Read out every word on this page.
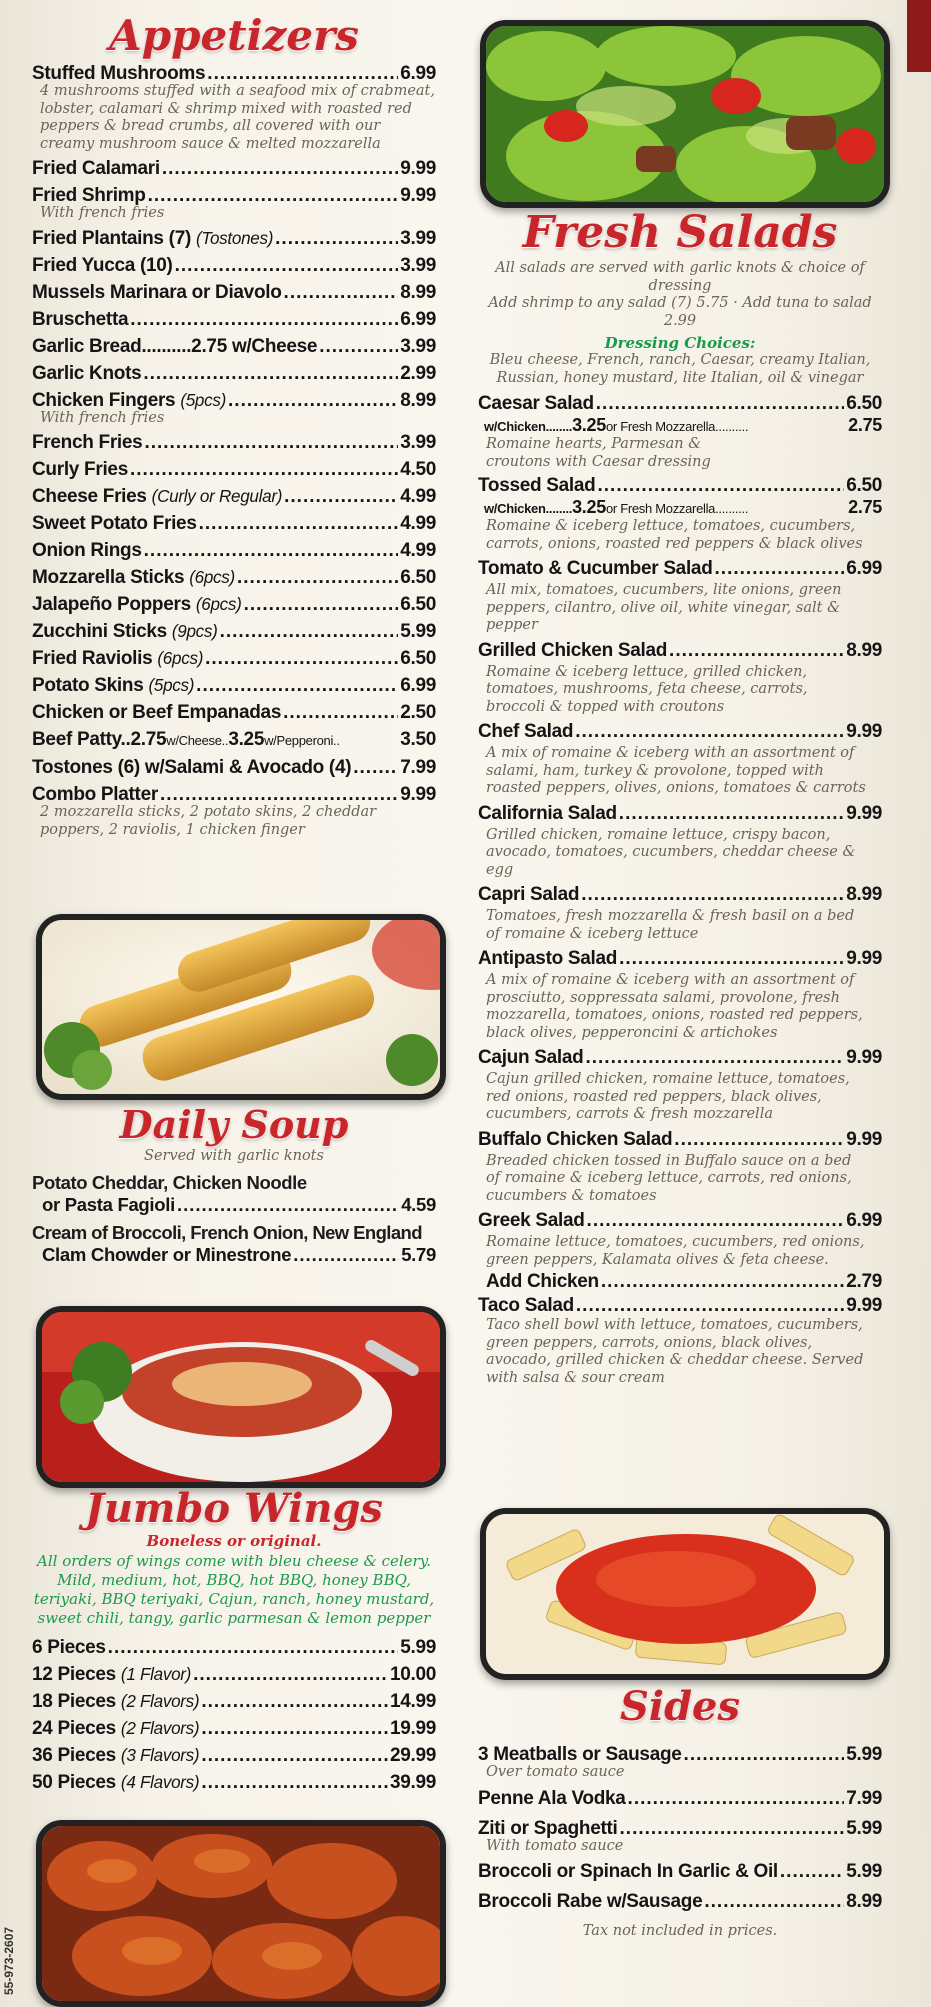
55-973-2607
Appetizers
Stuffed Mushrooms .....	6.99
4 mushrooms stuffed with a seafood mix of crabmeat, lobster, calamari & shrimp mixed with roasted red peppers & bread crumbs, all covered with our creamy mushroom sauce & melted mozzarella
Fried Calamari .....	9.99
Fried Shrimp .....	9.99
With french fries
Fried Plantains (7) (Tostones) .....	3.99
Fried Yucca (10) .....	3.99
Mussels Marinara or Diavolo .....	8.99
Bruschetta .....	6.99
Garlic Bread..........2.75 w/Cheese .....	3.99
Garlic Knots .....	2.99
Chicken Fingers (5pcs) .....	8.99
With french fries
French Fries .....	3.99
Curly Fries .....	4.50
Cheese Fries (Curly or Regular) .....	4.99
Sweet Potato Fries .....	4.99
Onion Rings .....	4.99
Mozzarella Sticks (6pcs) .....	6.50
Jalapeño Poppers (6pcs) .....	6.50
Zucchini Sticks (9pcs) .....	5.99
Fried Raviolis (6pcs) .....	6.50
Potato Skins (5pcs) .....	6.99
Chicken or Beef Empanadas .....	2.50
Beef Patty.. 2.75 w/Cheese.. 3.25 w/Pepperoni..	3.50
Tostones (6) w/Salami & Avocado (4) .....	7.99
Combo Platter .....	9.99
2 mozzarella sticks, 2 potato skins, 2 cheddar poppers, 2 raviolis, 1 chicken finger
Daily Soup
Served with garlic knots
Potato Cheddar, Chicken Noodle
or Pasta Fagioli .....	4.59
Cream of Broccoli, French Onion, New England
Clam Chowder or Minestrone .....	5.79
Jumbo Wings
Boneless or original.
All orders of wings come with bleu cheese & celery. Mild, medium, hot, BBQ, hot BBQ, honey BBQ, teriyaki, BBQ teriyaki, Cajun, ranch, honey mustard, sweet chili, tangy, garlic parmesan & lemon pepper
6 Pieces .....	5.99
12 Pieces (1 Flavor) .....	10.00
18 Pieces (2 Flavors) .....	14.99
24 Pieces (2 Flavors) .....	19.99
36 Pieces (3 Flavors) .....	29.99
50 Pieces (4 Flavors) .....	39.99
Fresh Salads
All salads are served with garlic knots & choice of dressing
Add shrimp to any salad (7) 5.75 · Add tuna to salad 2.99
Dressing Choices:
Bleu cheese, French, ranch, Caesar, creamy Italian, Russian, honey mustard, lite Italian, oil & vinegar
Caesar Salad .....	6.50
w/Chicken........ 3.25 or Fresh Mozzarella..........	2.75
Romaine hearts, Parmesan & croutons with Caesar dressing
Tossed Salad .....	6.50
w/Chicken........ 3.25 or Fresh Mozzarella..........	2.75
Romaine & iceberg lettuce, tomatoes, cucumbers, carrots, onions, roasted red peppers & black olives
Tomato & Cucumber Salad .....	6.99
All mix, tomatoes, cucumbers, lite onions, green peppers, cilantro, olive oil, white vinegar, salt & pepper
Grilled Chicken Salad .....	8.99
Romaine & iceberg lettuce, grilled chicken, tomatoes, mushrooms, feta cheese, carrots, broccoli & topped with croutons
Chef Salad .....	9.99
A mix of romaine & iceberg with an assortment of salami, ham, turkey & provolone, topped with roasted peppers, olives, onions, tomatoes & carrots
California Salad .....	9.99
Grilled chicken, romaine lettuce, crispy bacon, avocado, tomatoes, cucumbers, cheddar cheese & egg
Capri Salad .....	8.99
Tomatoes, fresh mozzarella & fresh basil on a bed of romaine & iceberg lettuce
Antipasto Salad .....	9.99
A mix of romaine & iceberg with an assortment of prosciutto, soppressata salami, provolone, fresh mozzarella, tomatoes, onions, roasted red peppers, black olives, pepperoncini & artichokes
Cajun Salad .....	9.99
Cajun grilled chicken, romaine lettuce, tomatoes, red onions, roasted red peppers, black olives, cucumbers, carrots & fresh mozzarella
Buffalo Chicken Salad .....	9.99
Breaded chicken tossed in Buffalo sauce on a bed of romaine & iceberg lettuce, carrots, red onions, cucumbers & tomatoes
Greek Salad .....	6.99
Romaine lettuce, tomatoes, cucumbers, red onions, green peppers, Kalamata olives & feta cheese.
Add Chicken .....	2.79
Taco Salad .....	9.99
Taco shell bowl with lettuce, tomatoes, cucumbers, green peppers, carrots, onions, black olives, avocado, grilled chicken & cheddar cheese. Served with salsa & sour cream
Sides
3 Meatballs or Sausage .....	5.99
Over tomato sauce
Penne Ala Vodka .....	7.99
Ziti or Spaghetti .....	5.99
With tomato sauce
Broccoli or Spinach In Garlic & Oil .....	5.99
Broccoli Rabe w/Sausage .....	8.99
Tax not included in prices.
